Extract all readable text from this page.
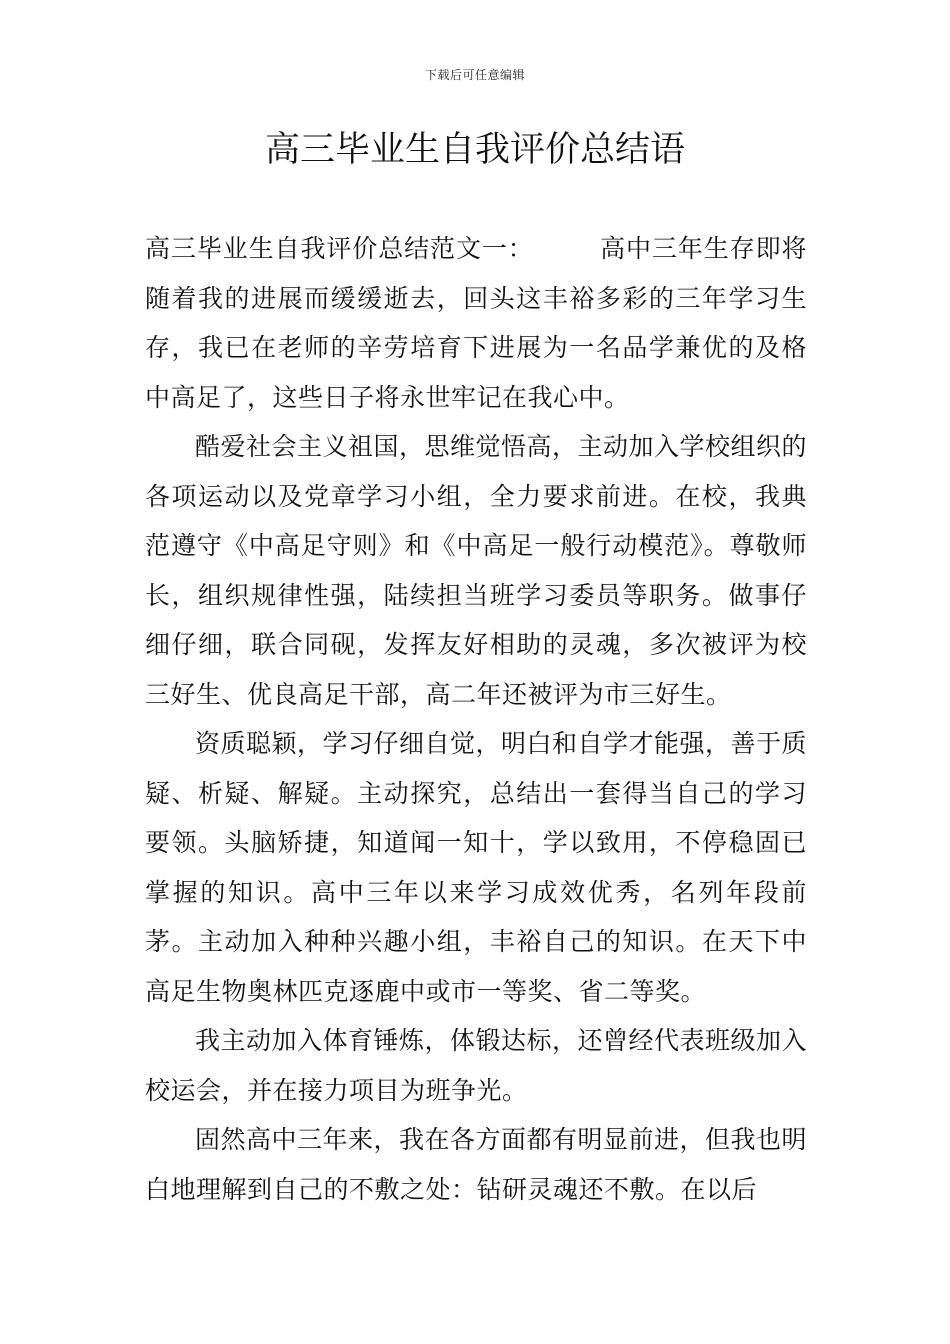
下载后可任意编辑
高三毕业生自我评价总结语

高三毕业生自我评价总结范文一：	高中三年生存即将随着我的进展而缓缓逝去，回头这丰裕多彩的三年学习生存，我已在老师的辛劳培育下进展为一名品学兼优的及格中高足了，这些日子将永世牢记在我心中。

酷爱社会主义祖国，思维觉悟高，主动加入学校组织的各项运动以及党章学习小组，全力要求前进。在校，我典范遵守《中高足守则》和《中高足一般行动模范》。尊敬师长，组织规律性强，陆续担当班学习委员等职务。做事仔细仔细，联合同砚，发挥友好相助的灵魂，多次被评为校三好生、优良高足干部，高二年还被评为市三好生。

资质聪颖，学习仔细自觉，明白和自学才能强，善于质疑、析疑、解疑。主动探究，总结出一套得当自己的学习要领。头脑矫捷，知道闻一知十，学以致用，不停稳固已掌握的知识。高中三年以来学习成效优秀，名列年段前茅。主动加入种种兴趣小组，丰裕自己的知识。在天下中高足生物奥林匹克逐鹿中或市一等奖、省二等奖。

我主动加入体育锤炼，体锻达标，还曾经代表班级加入校运会，并在接力项目为班争光。

固然高中三年来，我在各方面都有明显前进，但我也明白地理解到自己的不敷之处：钻研灵魂还不敷。在以后
